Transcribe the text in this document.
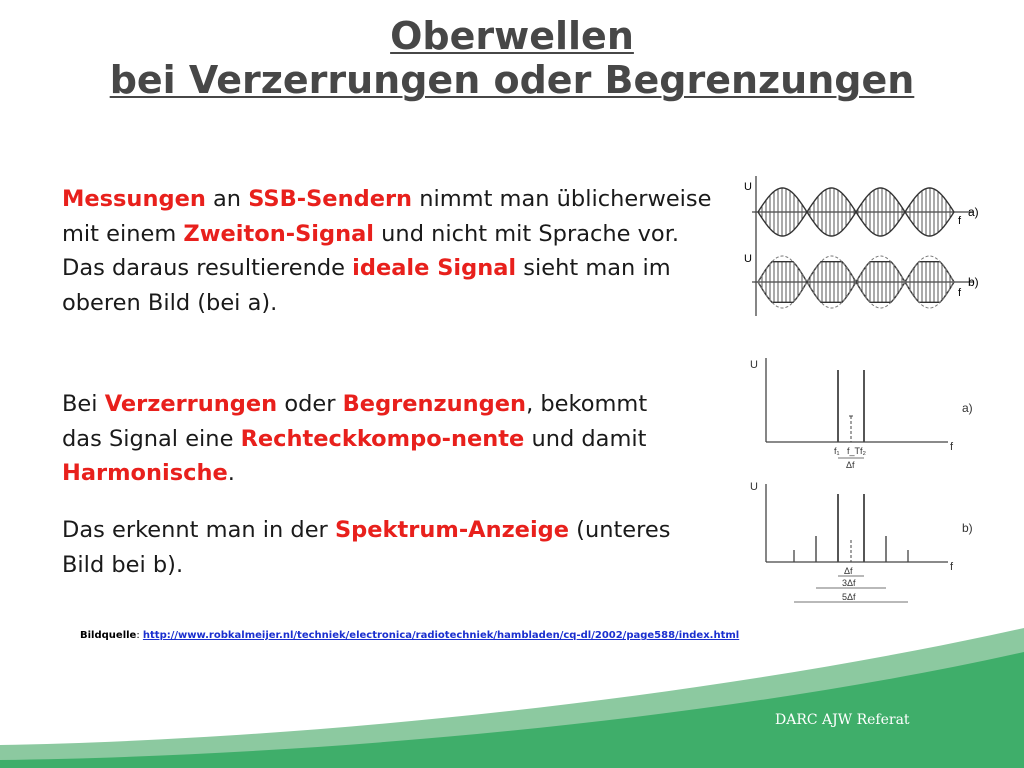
Oberwellen
bei Verzerrungen oder Begrenzungen
Messungen an SSB-Sendern nimmt man üblicherweise mit einem Zweiton-Signal und nicht mit Sprache vor. Das daraus resultierende ideale Signal sieht man im oberen Bild (bei a).
Bei Verzerrungen oder Begrenzungen, bekommt das Signal eine Rechteckkompo-nente und damit Harmonische.
Das erkennt man in der Spektrum-Anzeige (unteres Bild bei b).
U
f
a)
U
f
b)
U
f
a)
f₁ f_T f₂
Δf
U
f
b)
Δf
3Δf
5Δf
Bildquelle: http://www.robkalmeijer.nl/techniek/electronica/radiotechniek/hambladen/cq-dl/2002/page588/index.html
DARC AJW Referat
